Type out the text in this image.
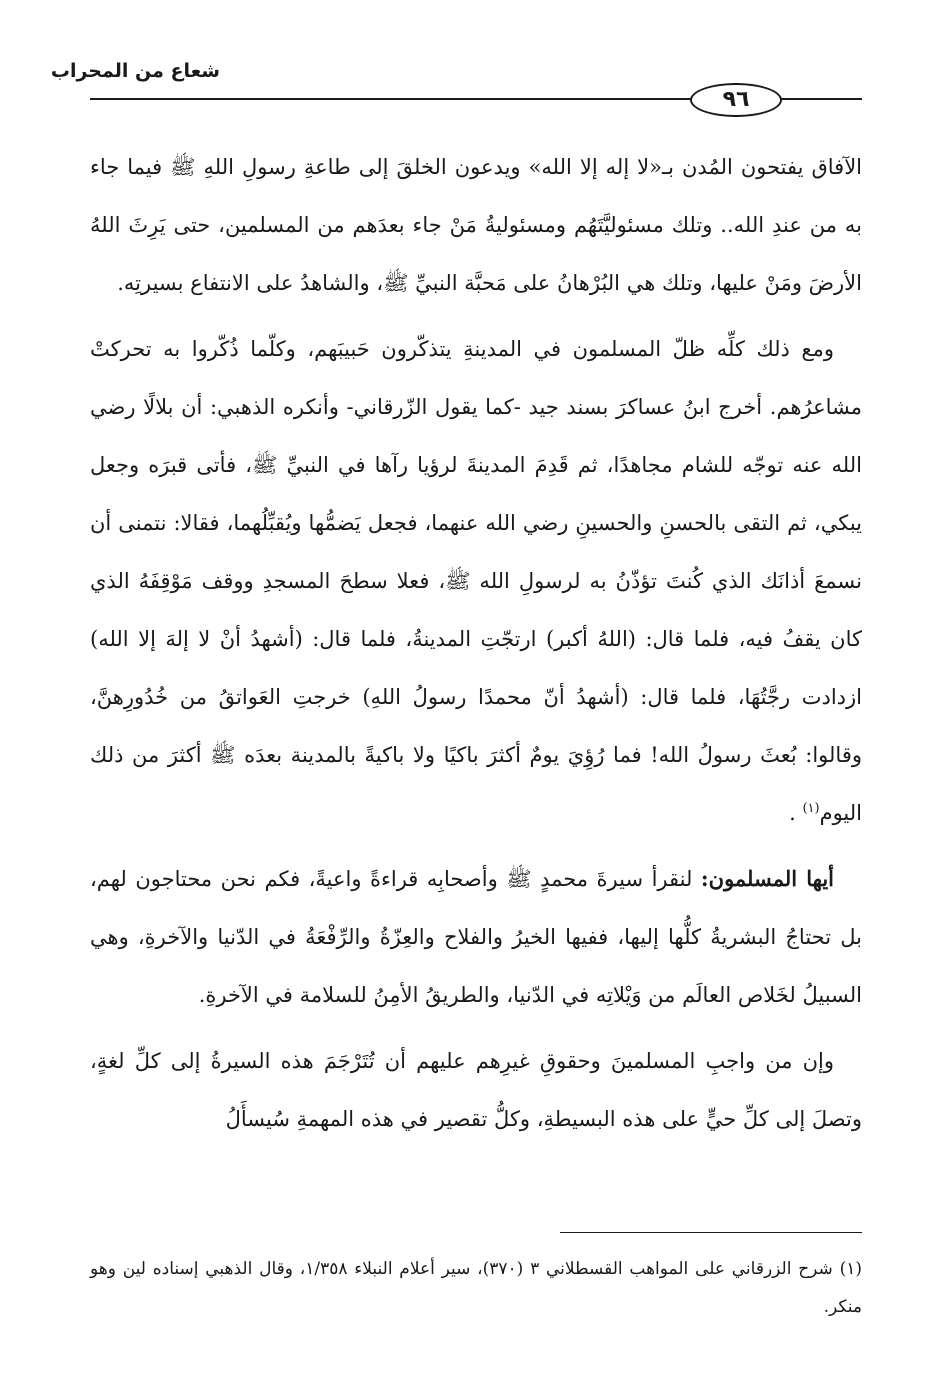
شعاع من المحراب
٩٦

الآفاق يفتحون المُدن بـ«لا إله إلا الله» ويدعون الخلقَ إلى طاعةِ رسولِ اللهِ ﷺ فيما جاء به من عندِ الله.. وتلك مسئوليَّتَهُم ومسئوليةُ مَنْ جاء بعدَهم من المسلمين، حتى يَرِثَ اللهُ الأرضَ ومَنْ عليها، وتلك هي البُرْهانُ على مَحبَّة النبيِّ ﷺ، والشاهدُ على الانتفاع بسيرتِه.

ومع ذلك كلِّه ظلّ المسلمون في المدينةِ يتذكّرون حَبيبَهم، وكلّما ذُكّروا به تحركتْ مشاعرُهم. أخرج ابنُ عساكرَ بسند جيد -كما يقول الزّرقاني- وأنكره الذهبي: أن بلالًا رضي الله عنه توجّه للشام مجاهدًا، ثم قَدِمَ المدينةَ لرؤيا رآها في النبيِّ ﷺ، فأتى قبرَه وجعل يبكي، ثم التقى بالحسنِ والحسينِ رضي الله عنهما، فجعل يَضمُّها ويُقبِّلُهما، فقالا: نتمنى أن نسمعَ أذانَك الذي كُنتَ تؤذّنُ به لرسولِ الله ﷺ، فعلا سطحَ المسجدِ ووقف مَوْقِفَهُ الذي كان يقفُ فيه، فلما قال: (اللهُ أكبر) ارتجّتِ المدينةُ، فلما قال: (أشهدُ أنْ لا إلهَ إلا الله) ازدادت رجَّتُهَا، فلما قال: (أشهدُ أنّ محمدًا رسولُ اللهِ) خرجتِ العَواتقُ من خُدُورِهنَّ، وقالوا: بُعثَ رسولُ الله! فما رُؤِيَ يومٌ أكثرَ باكيًا ولا باكيةً بالمدينة بعدَه ﷺ أكثرَ من ذلك اليوم$^{(١)}$ .

أيها المسلمون: لنقرأ سيرةَ محمدٍ ﷺ وأصحابِه قراءةً واعيةً، فكم نحن محتاجون لهم، بل تحتاجُ البشريةُ كلُّها إليها، ففيها الخيرُ والفلاح والعِزّةُ والرِّفْعَةُ في الدّنيا والآخرةِ، وهي السبيلُ لخَلاص العالَم من وَيْلاتِه في الدّنيا، والطريقُ الأمِنُ للسلامة في الآخرةِ.

وإن من واجبِ المسلمينَ وحقوقِ غيرِهم عليهم أن تُتَرْجَمَ هذه السيرةُ إلى كلِّ لغةٍ، وتصلَ إلى كلِّ حيٍّ على هذه البسيطةِ، وكلُّ تقصير في هذه المهمةِ سُيسأَلُ

(١) شرح الزرقاني على المواهب القسطلاني ٣ (٣٧٠)، سير أعلام النبلاء ١/٣٥٨، وقال الذهبي إسناده لين وهو منكر.
